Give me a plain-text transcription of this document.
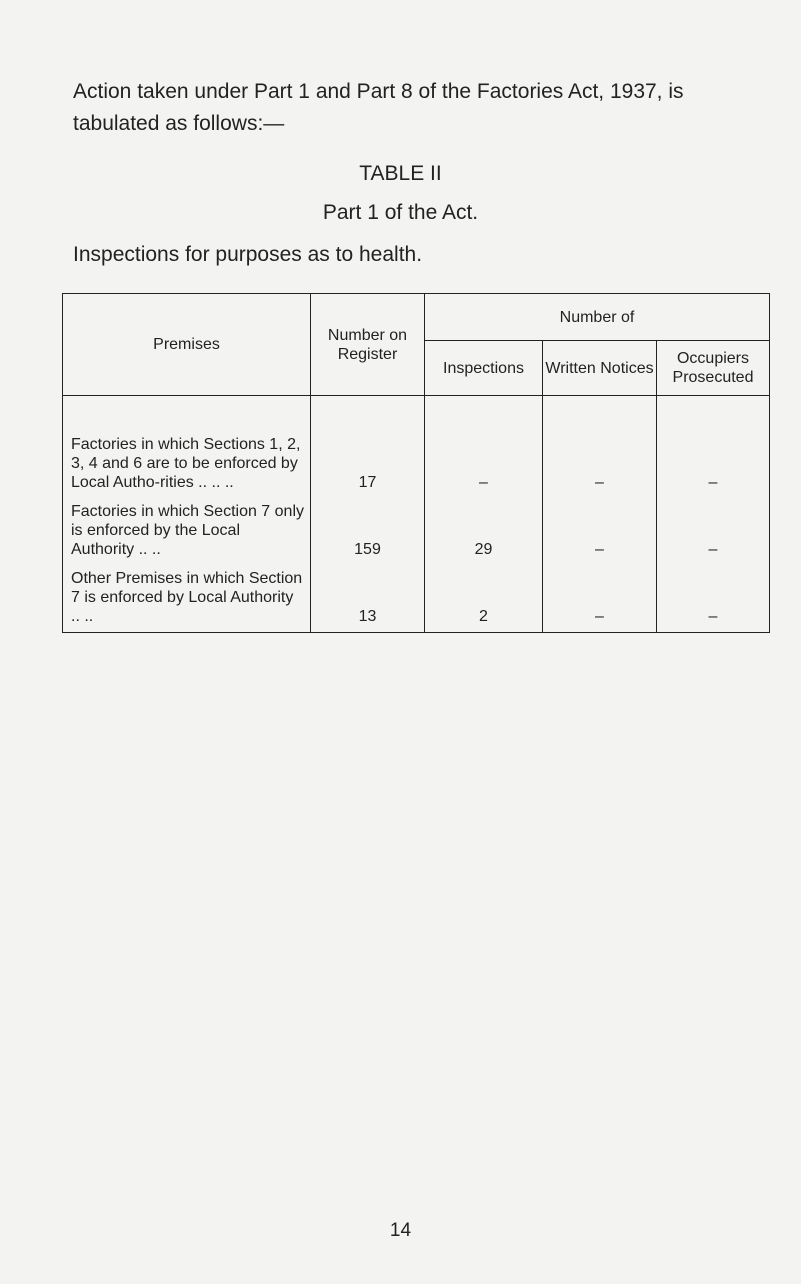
Action taken under Part 1 and Part 8 of the Factories Act, 1937, is tabulated as follows:—

TABLE II

Part 1 of the Act.

Inspections for purposes as to health.

Premises	Number on Register	Number of		
		Inspections	Written Notices	Occupiers Prosecuted
Factories in which Sections 1, 2, 3, 4 and 6 are to be enforced by Local Autho-rities .. .. ..	17	–	–	–
Factories in which Section 7 only is enforced by the Local Authority .. ..	159	29	–	–
Other Premises in which Section 7 is enforced by Local Authority .. ..	13	2	–	–

14
